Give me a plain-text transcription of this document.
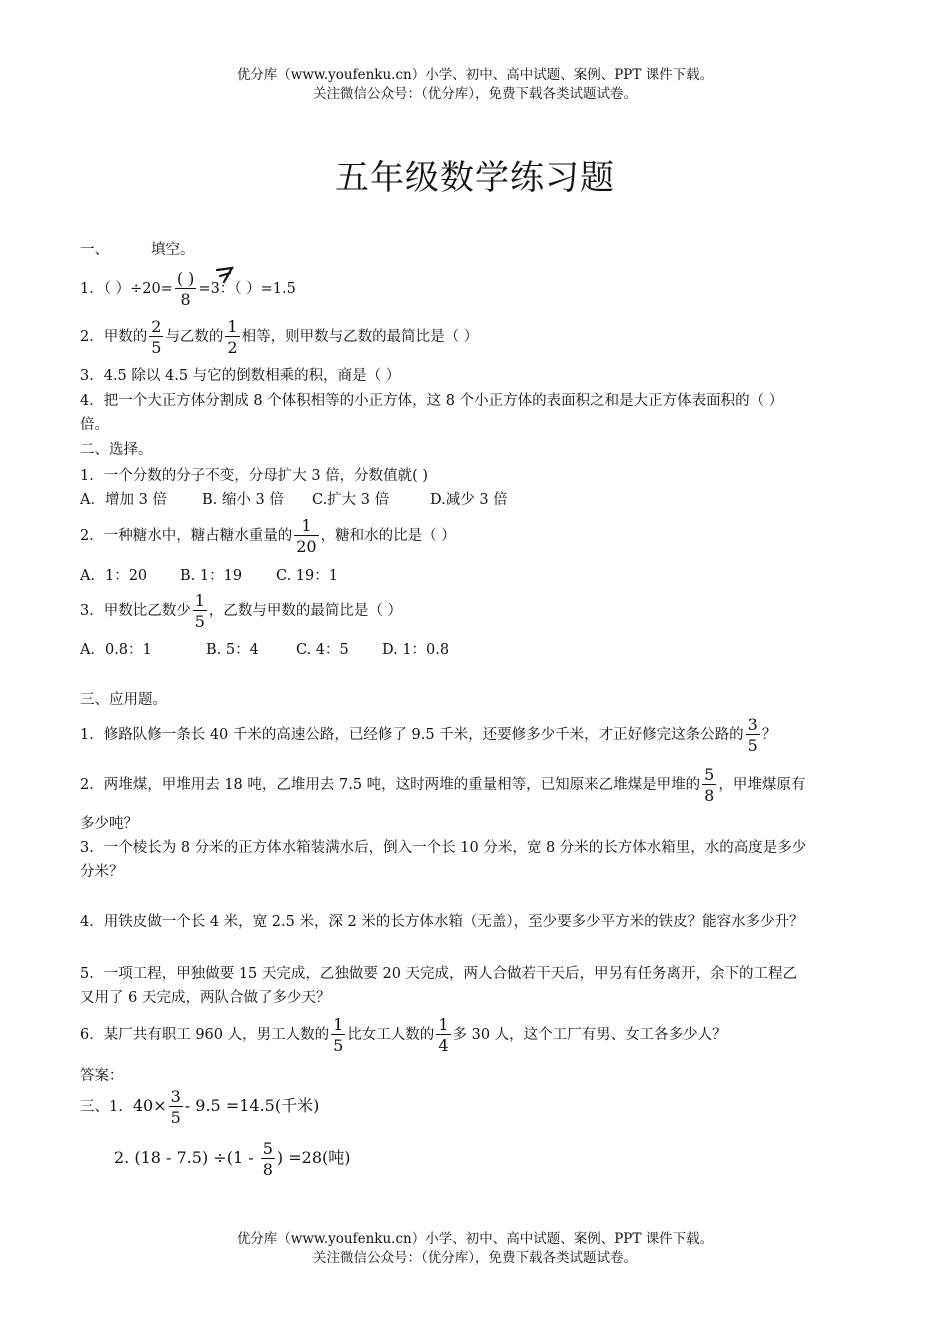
优分库（www.youfenku.cn）小学、初中、高中试题、案例、PPT 课件下载。
关注微信公众号：（优分库），免费下载各类试题试卷。
五年级数学练习题
一、	填空。
1．（ ）$\div 20= \frac{( )}{8} =3$：（ ）=1.5
2．甲数的 $\frac{2}{5}$ 与乙数的 $\frac{1}{2}$ 相等，则甲数与乙数的最简比是（ ）
3．4.5 除以 4.5 与它的倒数相乘的积，商是（ ）
4．把一个大正方体分割成 8 个体积相等的小正方体，这 8 个小正方体的表面积之和是大正方体表面积的（ ）
倍。
二、选择。
1．一个分数的分子不变，分母扩大 3 倍，分数值就( )
A．增加 3 倍 B. 缩小 3 倍 C.扩大 3 倍	D.减少 3 倍
2．一种糖水中，糖占糖水重量的 $\frac{1}{20}$ ，糖和水的比是（ ）
A．1：20 B. 1：19 C. 19：1
3．甲数比乙数少 $\frac{1}{5}$ ，乙数与甲数的最简比是（ ）
A．0.8：1	B. 5：4	C. 4：5 D. 1：0.8
三、应用题。
1．修路队修一条长 40 千米的高速公路，已经修了 9.5 千米，还要修多少千米，才正好修完这条公路的 $\frac{3}{5}$ ？
2．两堆煤，甲堆用去 18 吨，乙堆用去 7.5 吨，这时两堆的重量相等，已知原来乙堆煤是甲堆的 $\frac{5}{8}$ ，甲堆煤原有
多少吨？
3．一个棱长为 8 分米的正方体水箱装满水后，倒入一个长 10 分米，宽 8 分米的长方体水箱里，水的高度是多少
分米？
4．用铁皮做一个长 4 米，宽 2.5 米，深 2 米的长方体水箱（无盖），至少要多少平方米的铁皮？能容水多少升？
5．一项工程，甲独做要 15 天完成，乙独做要 20 天完成，两人合做若干天后，甲另有任务离开，余下的工程乙
又用了 6 天完成，两队合做了多少天？
6．某厂共有职工 960 人，男工人数的 $\frac{1}{5}$ 比女工人数的 $\frac{1}{4}$ 多 30 人，这个工厂有男、女工各多少人？
答案：
三、1. $40\times \frac{3}{5} - 9.5 =14.5$(千米)
2. $(18 - 7.5) \div(1 - \frac{5}{8}$ ) =28(吨)
优分库（www.youfenku.cn）小学、初中、高中试题、案例、PPT 课件下载。
关注微信公众号：（优分库），免费下载各类试题试卷。
